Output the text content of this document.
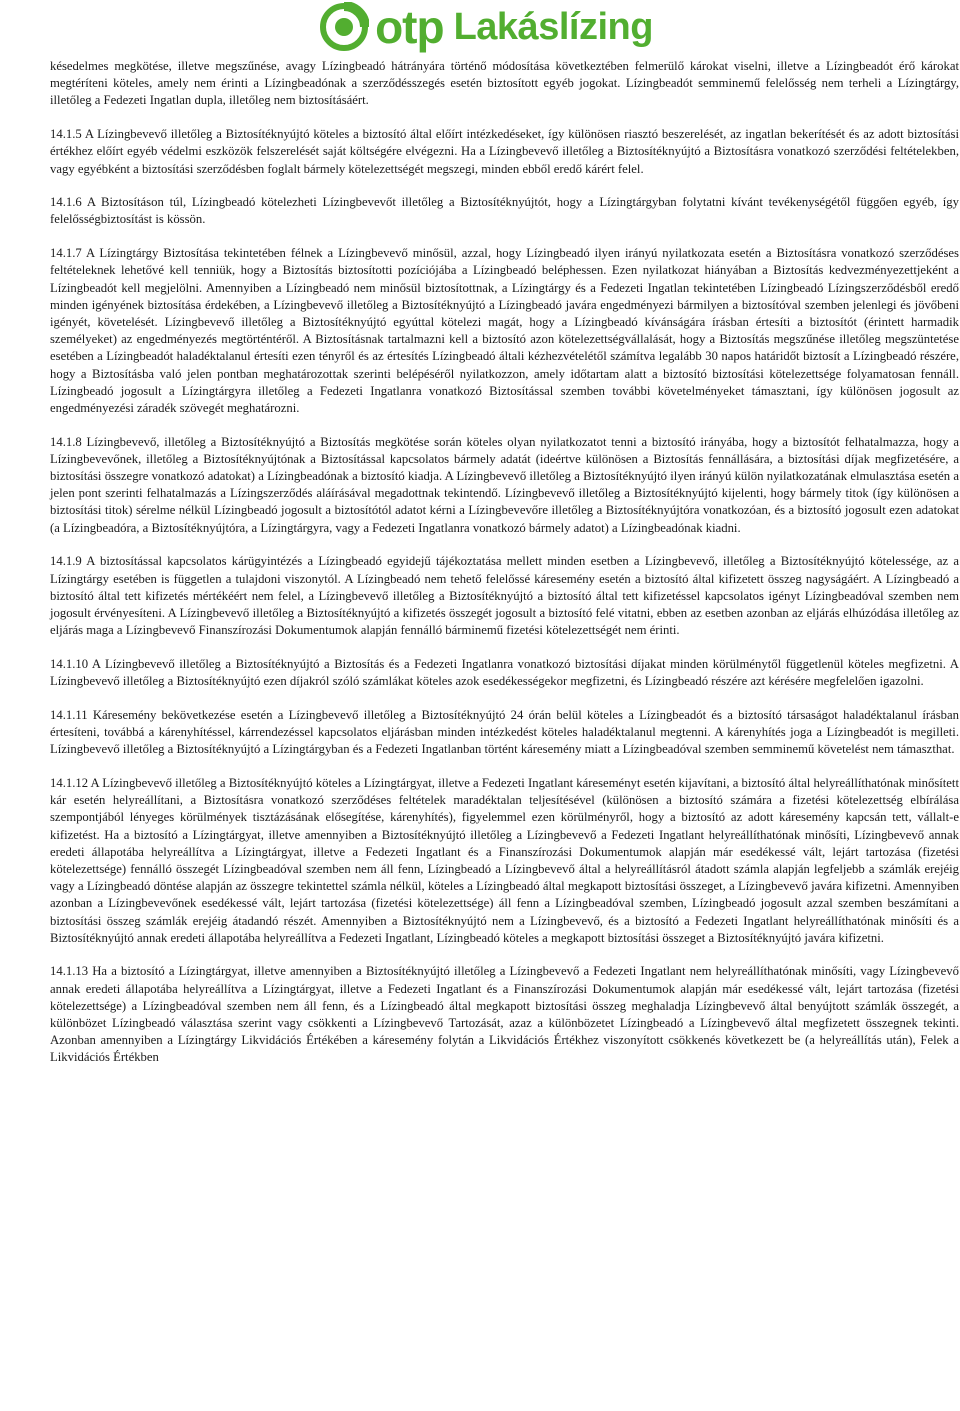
otp Lakáslízing

késedelmes megkötése, illetve megszűnése, avagy Lízingbeadó hátrányára történő módosítása következtében felmerülő károkat viselni, illetve a Lízingbeadót érő károkat megtéríteni köteles, amely nem érinti a Lízingbeadónak a szerződésszegés esetén biztosított egyéb jogokat. Lízingbeadót semminemű felelősség nem terheli a Lízingtárgy, illetőleg a Fedezeti Ingatlan dupla, illetőleg nem biztosításáért.

14.1.5 A Lízingbevevő illetőleg a Biztosítéknyújtó köteles a biztosító által előírt intézkedéseket, így különösen riasztó beszerelését, az ingatlan bekerítését és az adott biztosítási értékhez előírt egyéb védelmi eszközök felszerelését saját költségére elvégezni. Ha a Lízingbevevő illetőleg a Biztosítéknyújtó a Biztosításra vonatkozó szerződési feltételekben, vagy egyébként a biztosítási szerződésben foglalt bármely kötelezettségét megszegi, minden ebből eredő kárért felel.

14.1.6 A Biztosításon túl, Lízingbeadó kötelezheti Lízingbevevőt illetőleg a Biztosítéknyújtót, hogy a Lízingtárgyban folytatni kívánt tevékenységétől függően egyéb, így felelősségbiztosítást is kössön.

14.1.7 A Lízingtárgy Biztosítása tekintetében félnek a Lízingbevevő minősül, azzal, hogy Lízingbeadó ilyen irányú nyilatkozata esetén a Biztosításra vonatkozó szerződéses feltételeknek lehetővé kell tenniük, hogy a Biztosítás biztosítotti pozíciójába a Lízingbeadó beléphessen. Ezen nyilatkozat hiányában a Biztosítás kedvezményezettjeként a Lízingbeadót kell megjelölni. Amennyiben a Lízingbeadó nem minősül biztosítottnak, a Lízingtárgy és a Fedezeti Ingatlan tekintetében Lízingbeadó Lízingszerződésből eredő minden igényének biztosítása érdekében, a Lízingbevevő illetőleg a Biztosítéknyújtó a Lízingbeadó javára engedményezi bármilyen a biztosítóval szemben jelenlegi és jövőbeni igényét, követelését. Lízingbevevő illetőleg a Biztosítéknyújtó egyúttal kötelezi magát, hogy a Lízingbeadó kívánságára írásban értesíti a biztosítót (érintett harmadik személyeket) az engedményezés megtörténtéről. A Biztosításnak tartalmazni kell a biztosító azon kötelezettségvállalását, hogy a Biztosítás megszűnése illetőleg megszüntetése esetében a Lízingbeadót haladéktalanul értesíti ezen tényről és az értesítés Lízingbeadó általi kézhezvételétől számítva legalább 30 napos határidőt biztosít a Lízingbeadó részére, hogy a Biztosításba való jelen pontban meghatározottak szerinti belépéséről nyilatkozzon, amely időtartam alatt a biztosító biztosítási kötelezettsége folyamatosan fennáll. Lízingbeadó jogosult a Lízingtárgyra illetőleg a Fedezeti Ingatlanra vonatkozó Biztosítással szemben további követelményeket támasztani, így különösen jogosult az engedményezési záradék szövegét meghatározni.

14.1.8 Lízingbevevő, illetőleg a Biztosítéknyújtó a Biztosítás megkötése során köteles olyan nyilatkozatot tenni a biztosító irányába, hogy a biztosítót felhatalmazza, hogy a Lízingbevevőnek, illetőleg a Biztosítéknyújtónak a Biztosítással kapcsolatos bármely adatát (ideértve különösen a Biztosítás fennállására, a biztosítási díjak megfizetésére, a biztosítási összegre vonatkozó adatokat) a Lízingbeadónak a biztosító kiadja. A Lízingbevevő illetőleg a Biztosítéknyújtó ilyen irányú külön nyilatkozatának elmulasztása esetén a jelen pont szerinti felhatalmazás a Lízingszerződés aláírásával megadottnak tekintendő. Lízingbevevő illetőleg a Biztosítéknyújtó kijelenti, hogy bármely titok (így különösen a biztosítási titok) sérelme nélkül Lízingbeadó jogosult a biztosítótól adatot kérni a Lízingbevevőre illetőleg a Biztosítéknyújtóra vonatkozóan, és a biztosító jogosult ezen adatokat (a Lízingbeadóra, a Biztosítéknyújtóra, a Lízingtárgyra, vagy a Fedezeti Ingatlanra vonatkozó bármely adatot) a Lízingbeadónak kiadni.

14.1.9 A biztosítással kapcsolatos kárügyintézés a Lízingbeadó egyidejű tájékoztatása mellett minden esetben a Lízingbevevő, illetőleg a Biztosítéknyújtó kötelessége, az a Lízingtárgy esetében is független a tulajdoni viszonytól. A Lízingbeadó nem tehető felelőssé káresemény esetén a biztosító által kifizetett összeg nagyságáért. A Lízingbeadó a biztosító által tett kifizetés mértékéért nem felel, a Lízingbevevő illetőleg a Biztosítéknyújtó a biztosító által tett kifizetéssel kapcsolatos igényt Lízingbeadóval szemben nem jogosult érvényesíteni. A Lízingbevevő illetőleg a Biztosítéknyújtó a kifizetés összegét jogosult a biztosító felé vitatni, ebben az esetben azonban az eljárás elhúzódása illetőleg az eljárás maga a Lízingbevevő Finanszírozási Dokumentumok alapján fennálló bárminemű fizetési kötelezettségét nem érinti.

14.1.10 A Lízingbevevő illetőleg a Biztosítéknyújtó a Biztosítás és a Fedezeti Ingatlanra vonatkozó biztosítási díjakat minden körülménytől függetlenül köteles megfizetni. A Lízingbevevő illetőleg a Biztosítéknyújtó ezen díjakról szóló számlákat köteles azok esedékességekor megfizetni, és Lízingbeadó részére azt kérésére megfelelően igazolni.

14.1.11 Káresemény bekövetkezése esetén a Lízingbevevő illetőleg a Biztosítéknyújtó 24 órán belül köteles a Lízingbeadót és a biztosító társaságot haladéktalanul írásban értesíteni, továbbá a kárenyhítéssel, kárrendezéssel kapcsolatos eljárásban minden intézkedést köteles haladéktalanul megtenni. A kárenyhítés joga a Lízingbeadót is megilleti. Lízingbevevő illetőleg a Biztosítéknyújtó a Lízingtárgyban és a Fedezeti Ingatlanban történt káresemény miatt a Lízingbeadóval szemben semminemű követelést nem támaszthat.

14.1.12 A Lízingbevevő illetőleg a Biztosítéknyújtó köteles a Lízingtárgyat, illetve a Fedezeti Ingatlant káreseményt esetén kijavítani, a biztosító által helyreállíthatónak minősített kár esetén helyreállítani, a Biztosításra vonatkozó szerződéses feltételek maradéktalan teljesítésével (különösen a biztosító számára a fizetési kötelezettség elbírálása szempontjából lényeges körülmények tisztázásának elősegítése, kárenyhítés), figyelemmel ezen körülményről, hogy a biztosító az adott káresemény kapcsán tett, vállalt-e kifizetést. Ha a biztosító a Lízingtárgyat, illetve amennyiben a Biztosítéknyújtó illetőleg a Lízingbevevő a Fedezeti Ingatlant helyreállíthatónak minősíti, Lízingbevevő annak eredeti állapotába helyreállítva a Lízingtárgyat, illetve a Fedezeti Ingatlant és a Finanszírozási Dokumentumok alapján már esedékessé vált, lejárt tartozása (fizetési kötelezettsége) fennálló összegét Lízingbeadóval szemben nem áll fenn, Lízingbeadó a Lízingbevevő által a helyreállításról átadott számla alapján legfeljebb a számlák erejéig vagy a Lízingbeadó döntése alapján az összegre tekintettel számla nélkül, köteles a Lízingbeadó által megkapott biztosítási összeget, a Lízingbevevő javára kifizetni. Amennyiben azonban a Lízingbevevőnek esedékessé vált, lejárt tartozása (fizetési kötelezettsége) áll fenn a Lízingbeadóval szemben, Lízingbeadó jogosult azzal szemben beszámítani a biztosítási összeg számlák erejéig átadandó részét. Amennyiben a Biztosítéknyújtó nem a Lízingbevevő, és a biztosító a Fedezeti Ingatlant helyreállíthatónak minősíti és a Biztosítéknyújtó annak eredeti állapotába helyreállítva a Fedezeti Ingatlant, Lízingbeadó köteles a megkapott biztosítási összeget a Biztosítéknyújtó javára kifizetni.

14.1.13 Ha a biztosító a Lízingtárgyat, illetve amennyiben a Biztosítéknyújtó illetőleg a Lízingbevevő a Fedezeti Ingatlant nem helyreállíthatónak minősíti, vagy Lízingbevevő annak eredeti állapotába helyreállítva a Lízingtárgyat, illetve a Fedezeti Ingatlant és a Finanszírozási Dokumentumok alapján már esedékessé vált, lejárt tartozása (fizetési kötelezettsége) a Lízingbeadóval szemben nem áll fenn, és a Lízingbeadó által megkapott biztosítási összeg meghaladja Lízingbevevő által benyújtott számlák összegét, a különbözet Lízingbeadó választása szerint vagy csökkenti a Lízingbevevő Tartozását, azaz a különbözetet Lízingbeadó a Lízingbevevő által megfizetett összegnek tekinti. Azonban amennyiben a Lízingtárgy Likvidációs Értékében a káresemény folytán a Likvidációs Értékhez viszonyított csökkenés következett be (a helyreállítás után), Felek a Likvidációs Értékben
